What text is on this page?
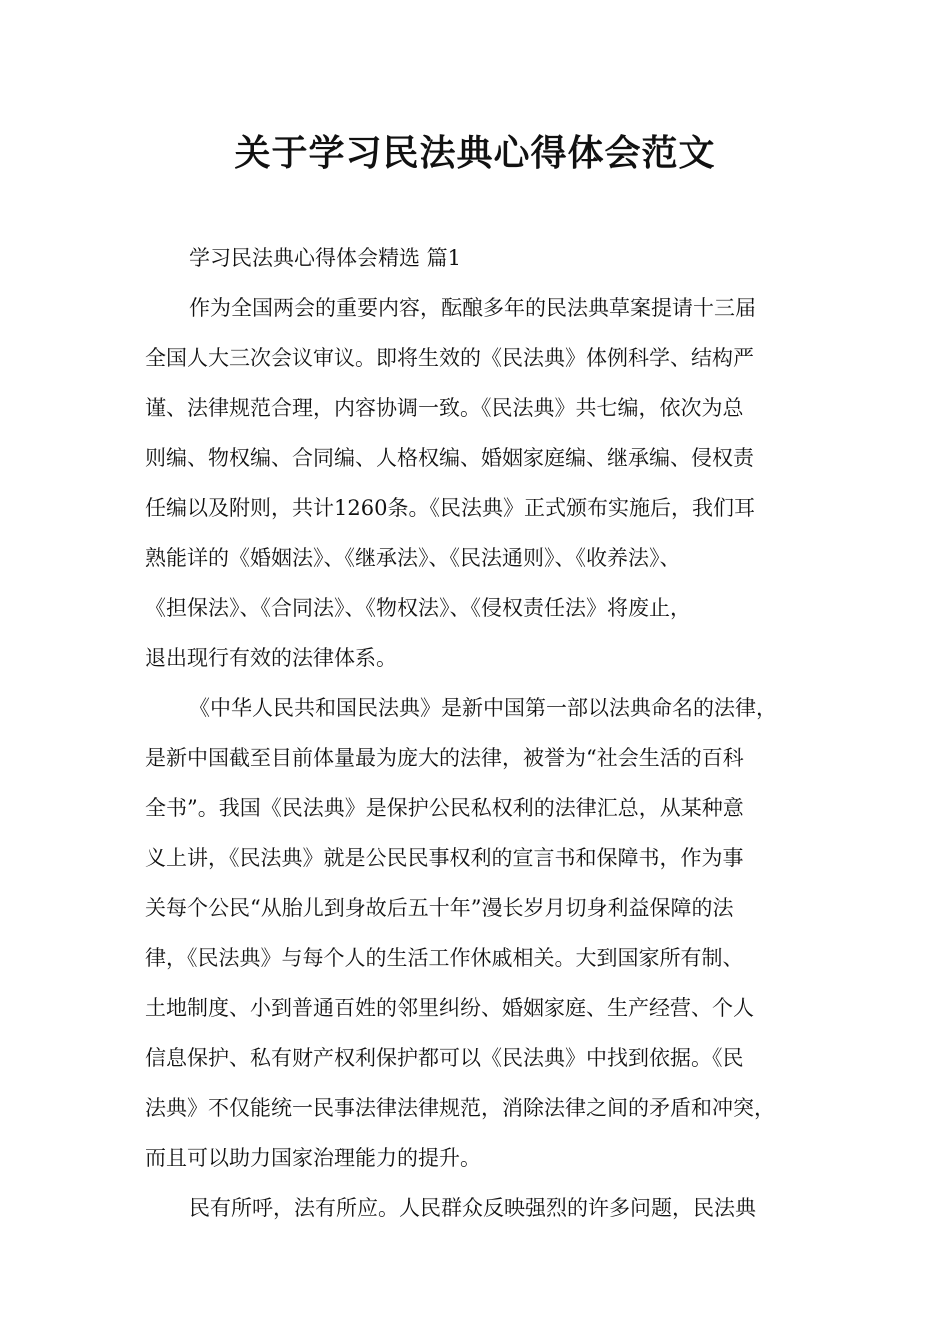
关于学习民法典心得体会范文
学习民法典心得体会精选 篇1
作为全国两会的重要内容，酝酿多年的民法典草案提请十三届
全国人大三次会议审议。即将生效的《民法典》体例科学、结构严
谨、法律规范合理，内容协调一致。《民法典》共七编，依次为总
则编、物权编、合同编、人格权编、婚姻家庭编、继承编、侵权责
任编以及附则，共计1260条。《民法典》正式颁布实施后，我们耳
熟能详的《婚姻法》、《继承法》、《民法通则》、《收养法》、
《担保法》、《合同法》、《物权法》、《侵权责任法》将废止，
退出现行有效的法律体系。
《中华人民共和国民法典》是新中国第一部以法典命名的法律，
是新中国截至目前体量最为庞大的法律，被誉为“社会生活的百科
全书”。我国《民法典》是保护公民私权利的法律汇总，从某种意
义上讲，《民法典》就是公民民事权利的宣言书和保障书，作为事
关每个公民“从胎儿到身故后五十年”漫长岁月切身利益保障的法
律，《民法典》与每个人的生活工作休戚相关。大到国家所有制、
土地制度、小到普通百姓的邻里纠纷、婚姻家庭、生产经营、个人
信息保护、私有财产权利保护都可以《民法典》中找到依据。《民
法典》不仅能统一民事法律法律规范，消除法律之间的矛盾和冲突，
而且可以助力国家治理能力的提升。
民有所呼，法有所应。人民群众反映强烈的许多问题，民法典
